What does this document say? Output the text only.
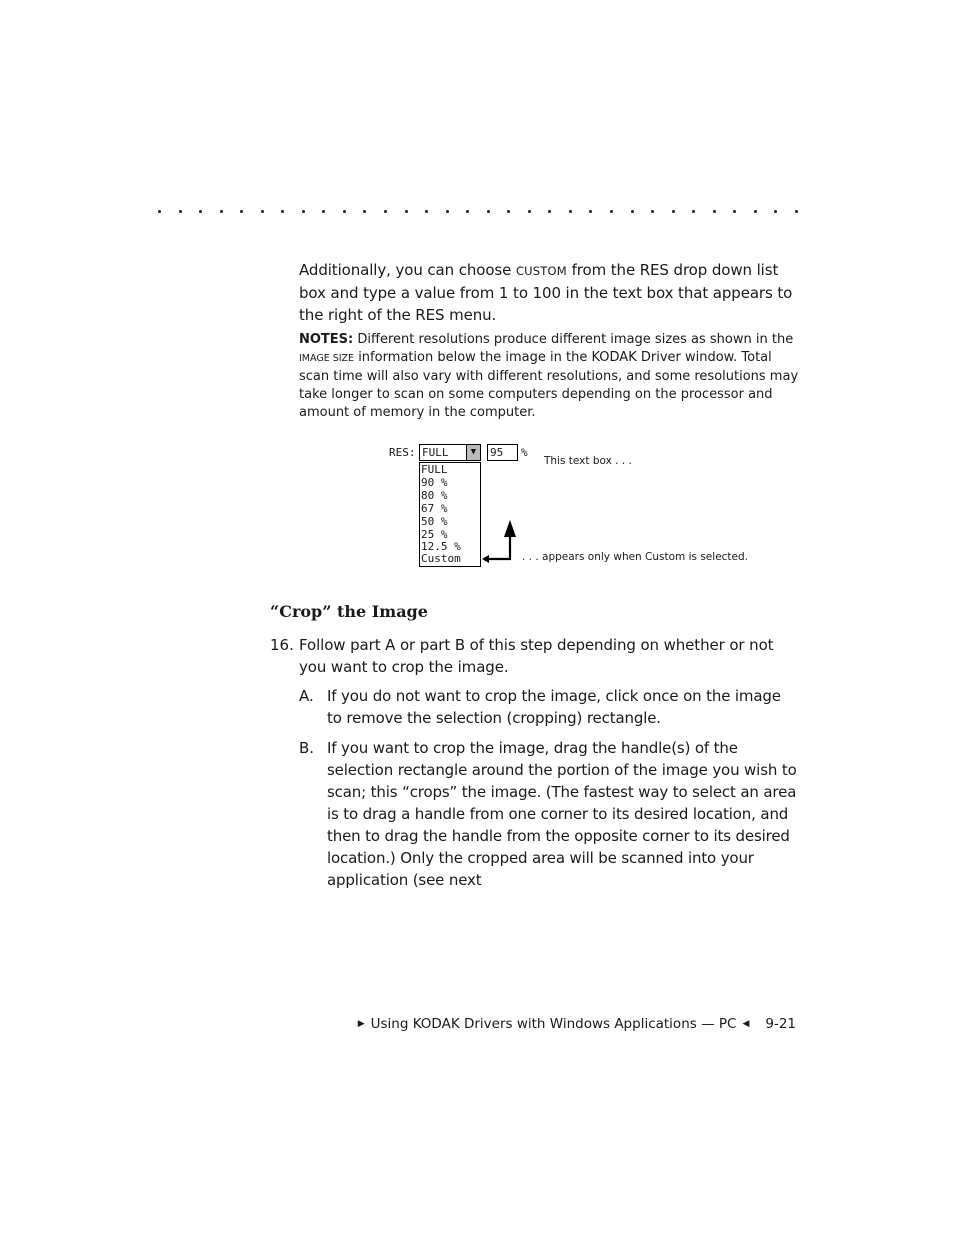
Additionally, you can choose CUSTOM from the RES drop down list box and type a value from 1 to 100 in the text box that appears to the right of the RES menu.
NOTES: Different resolutions produce different image sizes as shown in the IMAGE SIZE information below the image in the KODAK Driver window. Total scan time will also vary with different resolutions, and some resolutions may take longer to scan on some computers depending on the processor and amount of memory in the computer.
RES: FULL	▼
FULL
90 %
80 %
67 %
50 %
25 %
12.5 %
Custom
95 %
This text box . . .
. . . appears only when Custom is selected.
“Crop” the Image
16. Follow part A or part B of this step depending on whether or not you want to crop the image.
A. If you do not want to crop the image, click once on the image to remove the selection (cropping) rectangle.
B. If you want to crop the image, drag the handle(s) of the selection rectangle around the portion of the image you wish to scan; this “crops” the image. (The fastest way to select an area is to drag a handle from one corner to its desired location, and then to drag the handle from the opposite corner to its desired location.) Only the cropped area will be scanned into your application (see next
▶ Using KODAK Drivers with Windows Applications — PC ◀ 9-21
